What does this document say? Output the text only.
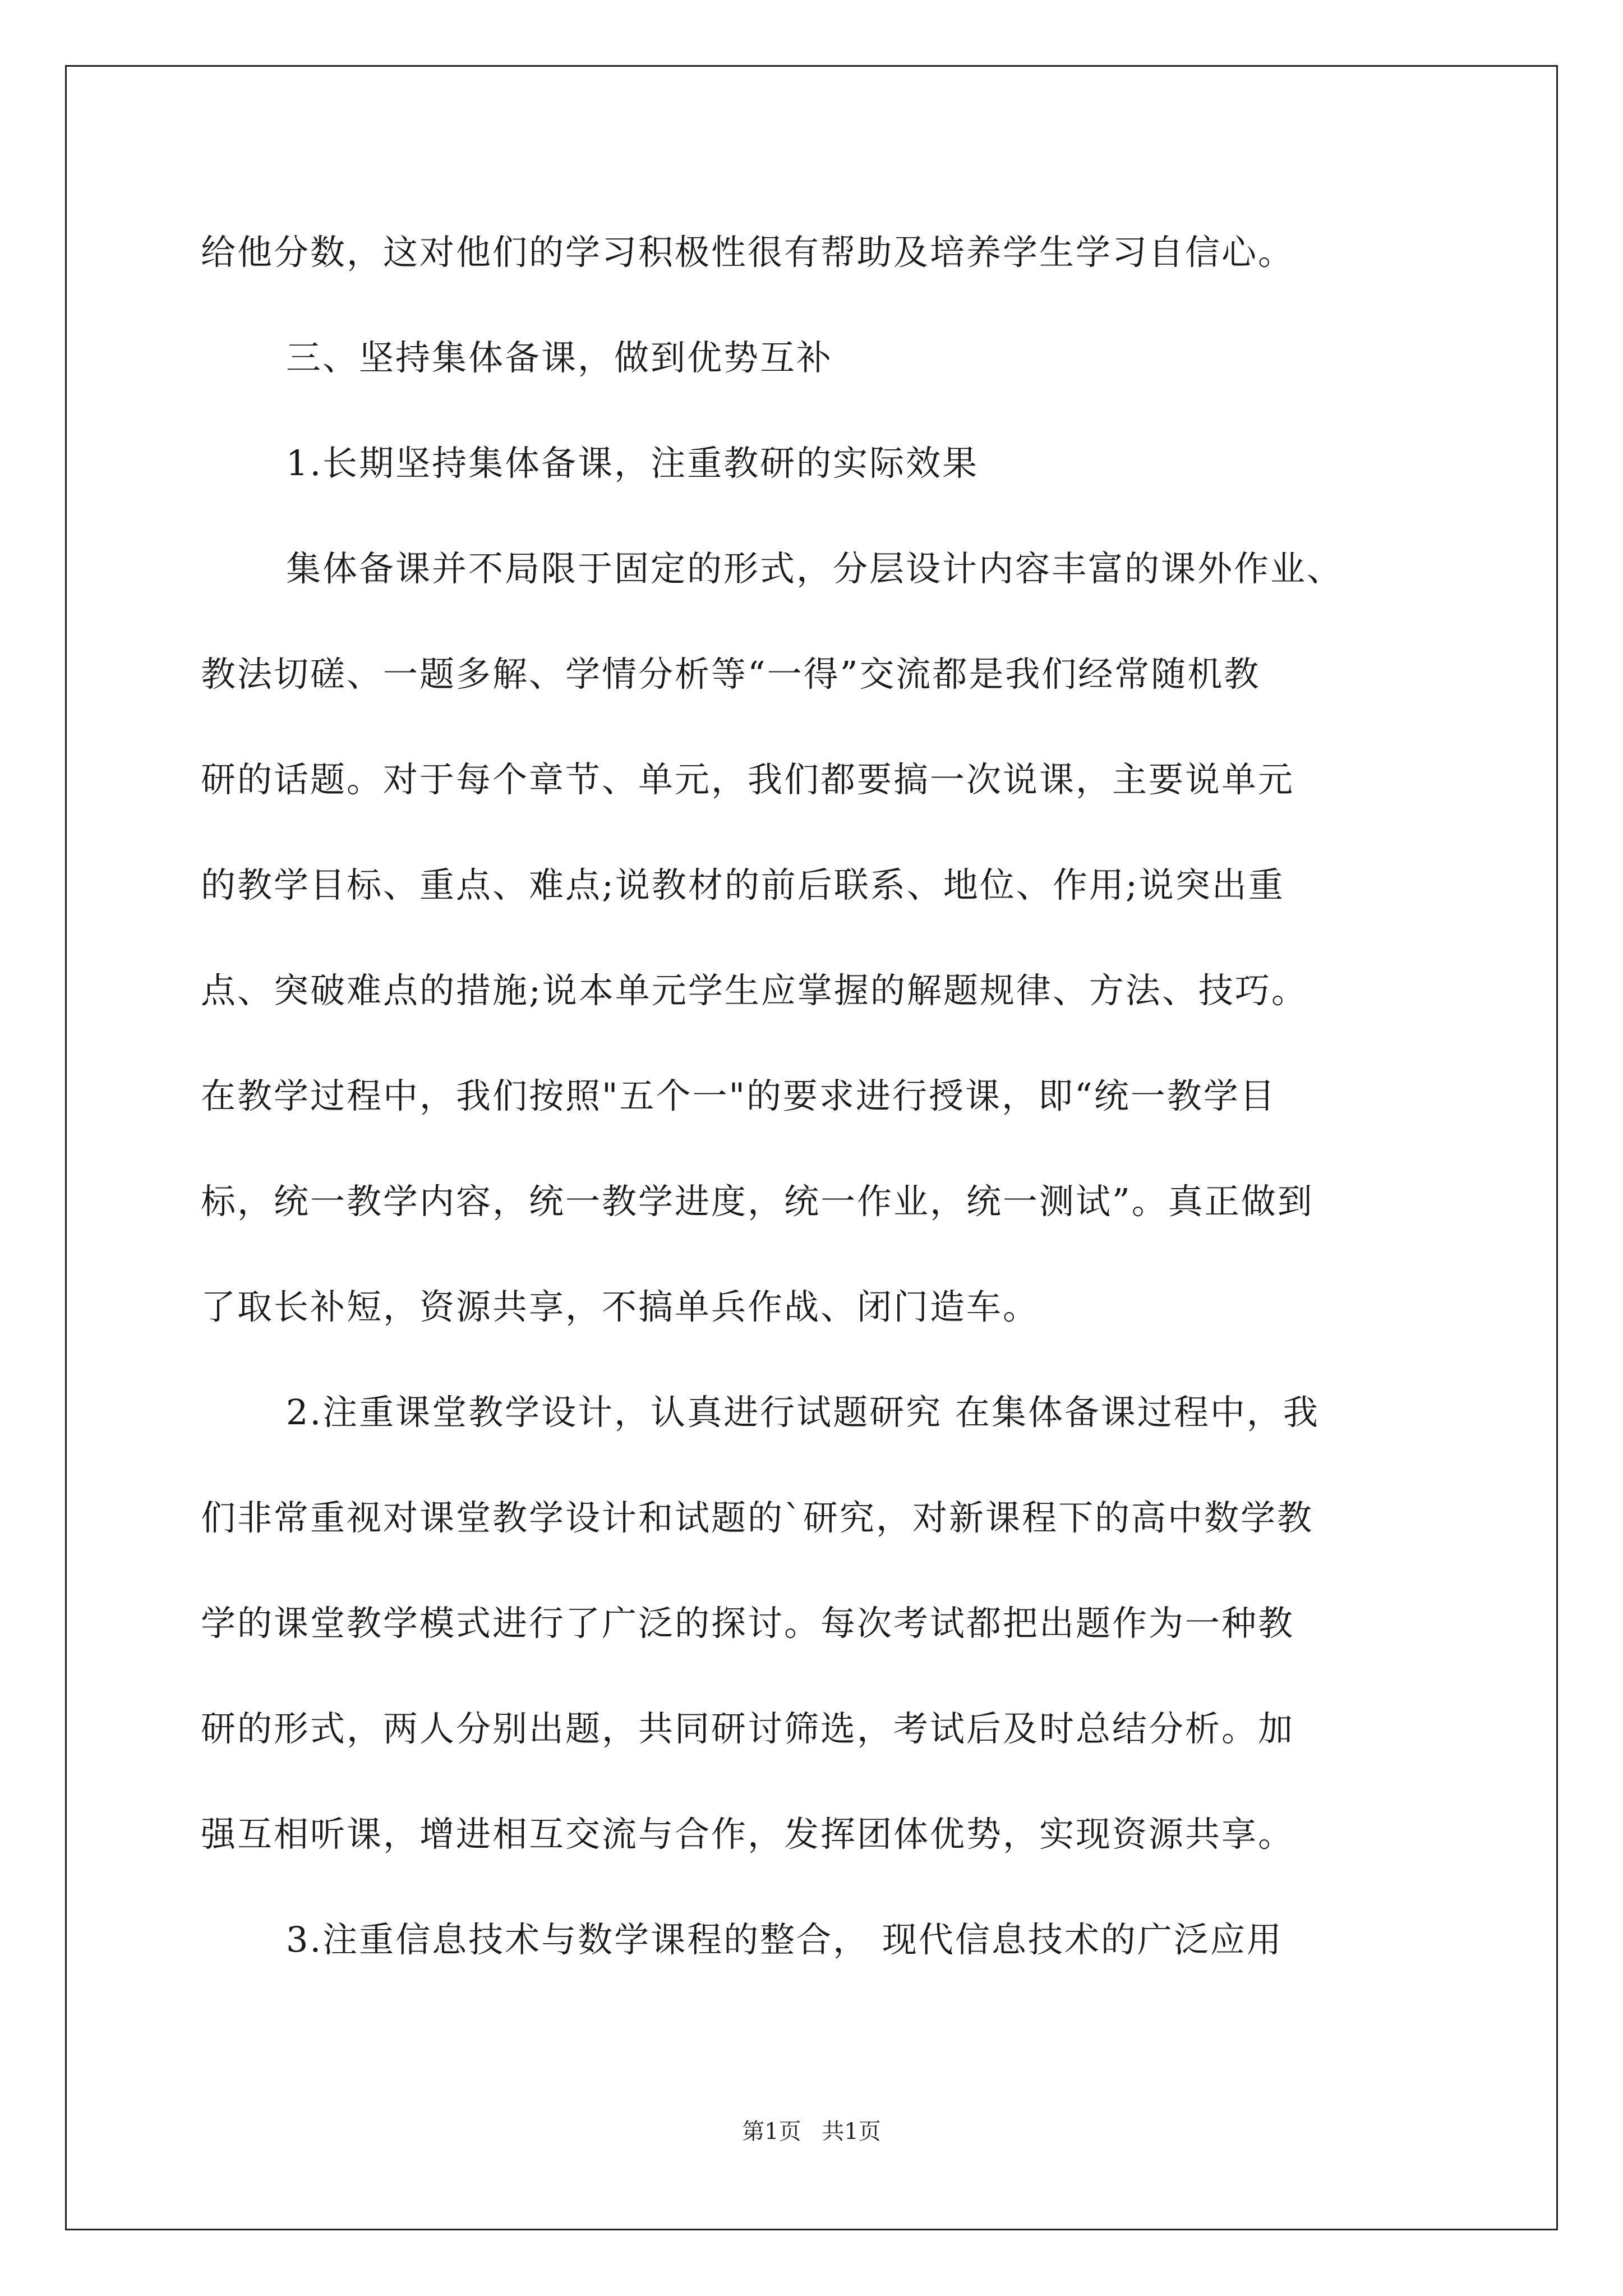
给他分数，这对他们的学习积极性很有帮助及培养学生学习自信心。
三、坚持集体备课，做到优势互补
1.长期坚持集体备课，注重教研的实际效果
集体备课并不局限于固定的形式，分层设计内容丰富的课外作业、
教法切磋、一题多解、学情分析等“一得”交流都是我们经常随机教
研的话题。对于每个章节、单元，我们都要搞一次说课，主要说单元
的教学目标、重点、难点;说教材的前后联系、地位、作用;说突出重
点、突破难点的措施;说本单元学生应掌握的解题规律、方法、技巧。
在教学过程中，我们按照"五个一"的要求进行授课，即“统一教学目
标，统一教学内容，统一教学进度，统一作业，统一测试”。真正做到
了取长补短，资源共享，不搞单兵作战、闭门造车。
2.注重课堂教学设计，认真进行试题研究 在集体备课过程中，我
们非常重视对课堂教学设计和试题的`研究，对新课程下的高中数学教
学的课堂教学模式进行了广泛的探讨。每次考试都把出题作为一种教
研的形式，两人分别出题，共同研讨筛选，考试后及时总结分析。加
强互相听课，增进相互交流与合作，发挥团体优势，实现资源共享。
3.注重信息技术与数学课程的整合， 现代信息技术的广泛应用
第1页 共1页
